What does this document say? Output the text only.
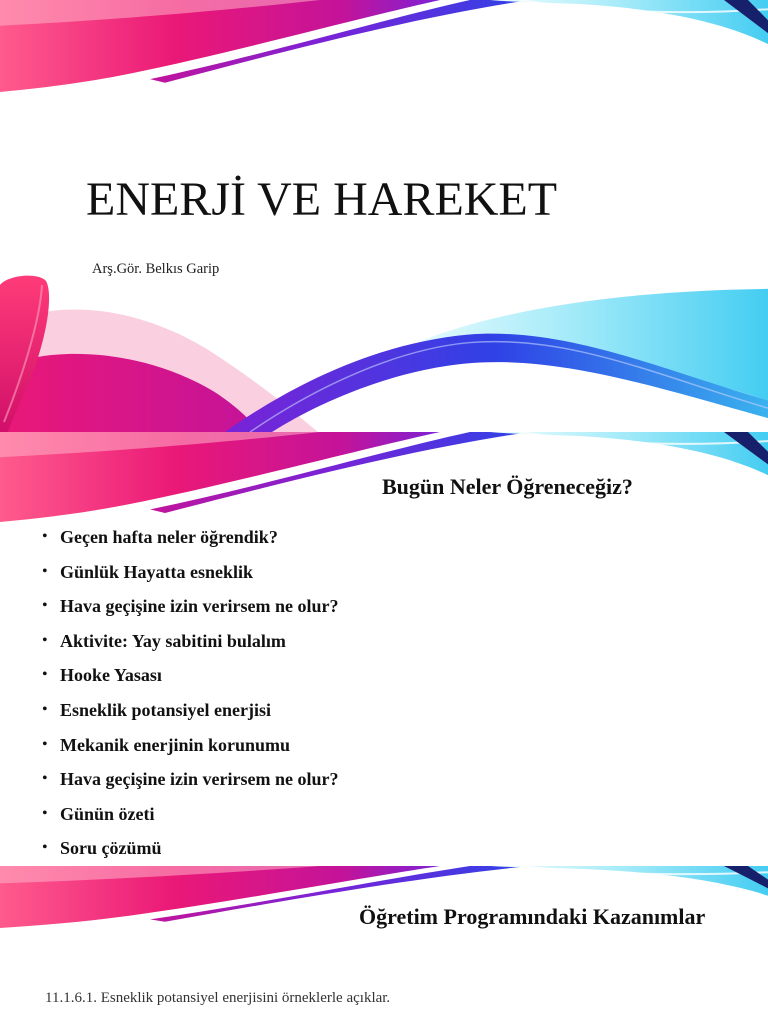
ENERJİ VE HAREKET

Arş.Gör. Belkıs Garip

Bugün Neler Öğreneceğiz?
• Geçen hafta neler öğrendik?
• Günlük Hayatta esneklik
• Hava geçişine izin verirsem ne olur?
• Aktivite: Yay sabitini bulalım
• Hooke Yasası
• Esneklik potansiyel enerjisi
• Mekanik enerjinin korunumu
• Hava geçişine izin verirsem ne olur?
• Günün özeti
• Soru çözümü
Öğretim Programındaki Kazanımlar

11.1.6.1. Esneklik potansiyel enerjisini örneklerle açıklar.
